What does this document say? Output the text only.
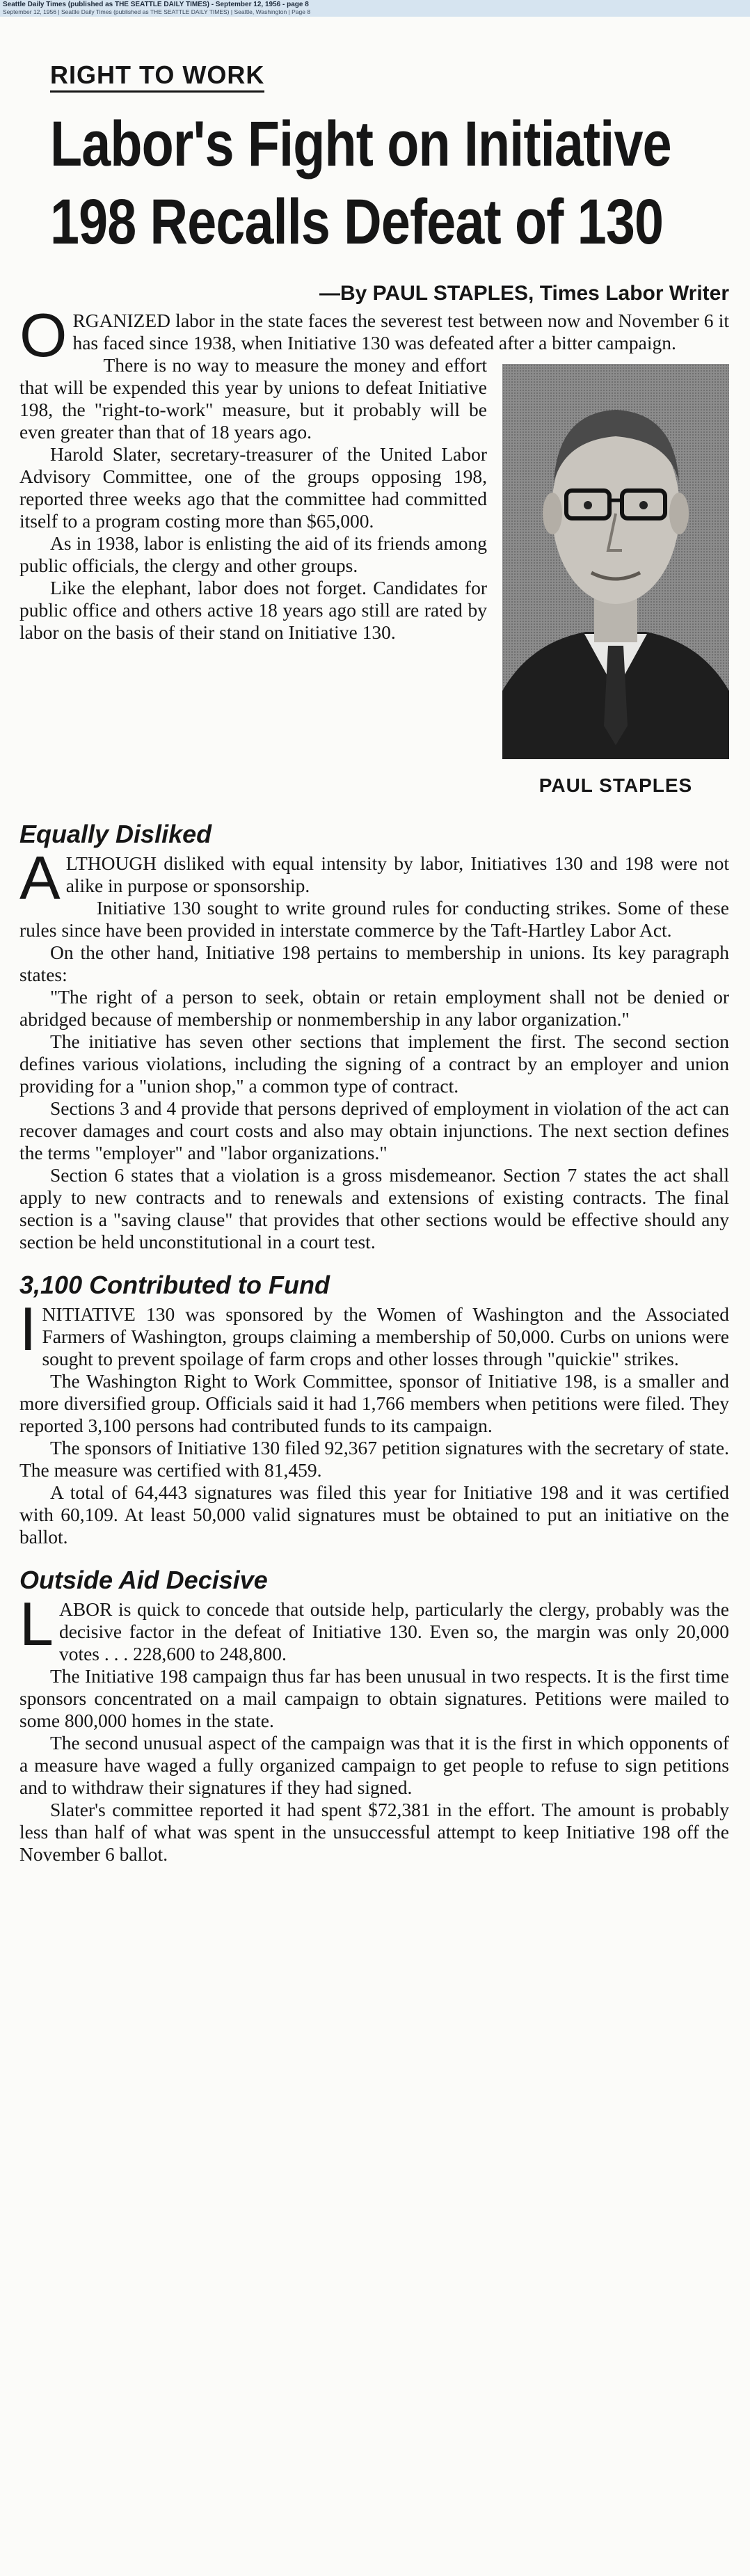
Seattle Daily Times (published as THE SEATTLE DAILY TIMES) - September 12, 1956 - page 8
September 12, 1956 | Seattle Daily Times (published as THE SEATTLE DAILY TIMES) | Seattle, Washington | Page 8
RIGHT TO WORK
Labor's Fight on Initiative
198 Recalls Defeat of 130
—By PAUL STAPLES, Times Labor Writer

ORGANIZED labor in the state faces the severest test between now and November 6 it has faced since 1938, when Initiative 130 was defeated after a bitter campaign.

PAUL STAPLES

There is no way to measure the money and effort that will be expended this year by unions to defeat Initiative 198, the "right-to-work" measure, but it probably will be even greater than that of 18 years ago.

Harold Slater, secretary-treasurer of the United Labor Advisory Committee, one of the groups opposing 198, reported three weeks ago that the committee had committed itself to a program costing more than $65,000.

As in 1938, labor is enlisting the aid of its friends among public officials, the clergy and other groups.

Like the elephant, labor does not forget. Candidates for public office and others active 18 years ago still are rated by labor on the basis of their stand on Initiative 130.

Equally Disliked

ALTHOUGH disliked with equal intensity by labor, Initiatives 130 and 198 were not alike in purpose or sponsorship.

Initiative 130 sought to write ground rules for conducting strikes. Some of these rules since have been provided in interstate commerce by the Taft-Hartley Labor Act.

On the other hand, Initiative 198 pertains to membership in unions. Its key paragraph states:

"The right of a person to seek, obtain or retain employment shall not be denied or abridged because of membership or nonmembership in any labor organization."

The initiative has seven other sections that implement the first. The second section defines various violations, including the signing of a contract by an employer and union providing for a "union shop," a common type of contract.

Sections 3 and 4 provide that persons deprived of employment in violation of the act can recover damages and court costs and also may obtain injunctions. The next section defines the terms "employer" and "labor organizations."

Section 6 states that a violation is a gross misdemeanor. Section 7 states the act shall apply to new contracts and to renewals and extensions of existing contracts. The final section is a "saving clause" that provides that other sections would be effective should any section be held unconstitutional in a court test.

3,100 Contributed to Fund

INITIATIVE 130 was sponsored by the Women of Washington and the Associated Farmers of Washington, groups claiming a membership of 50,000. Curbs on unions were sought to prevent spoilage of farm crops and other losses through "quickie" strikes.

The Washington Right to Work Committee, sponsor of Initiative 198, is a smaller and more diversified group. Officials said it had 1,766 members when petitions were filed. They reported 3,100 persons had contributed funds to its campaign.

The sponsors of Initiative 130 filed 92,367 petition signatures with the secretary of state. The measure was certified with 81,459.

A total of 64,443 signatures was filed this year for Initiative 198 and it was certified with 60,109. At least 50,000 valid signatures must be obtained to put an initiative on the ballot.

Outside Aid Decisive

LABOR is quick to concede that outside help, particularly the clergy, probably was the decisive factor in the defeat of Initiative 130. Even so, the margin was only 20,000 votes . . . 228,600 to 248,800.

The Initiative 198 campaign thus far has been unusual in two respects. It is the first time sponsors concentrated on a mail campaign to obtain signatures. Petitions were mailed to some 800,000 homes in the state.

The second unusual aspect of the campaign was that it is the first in which opponents of a measure have waged a fully organized campaign to get people to refuse to sign petitions and to withdraw their signatures if they had signed.

Slater's committee reported it had spent $72,381 in the effort. The amount is probably less than half of what was spent in the unsuccessful attempt to keep Initiative 198 off the November 6 ballot.
